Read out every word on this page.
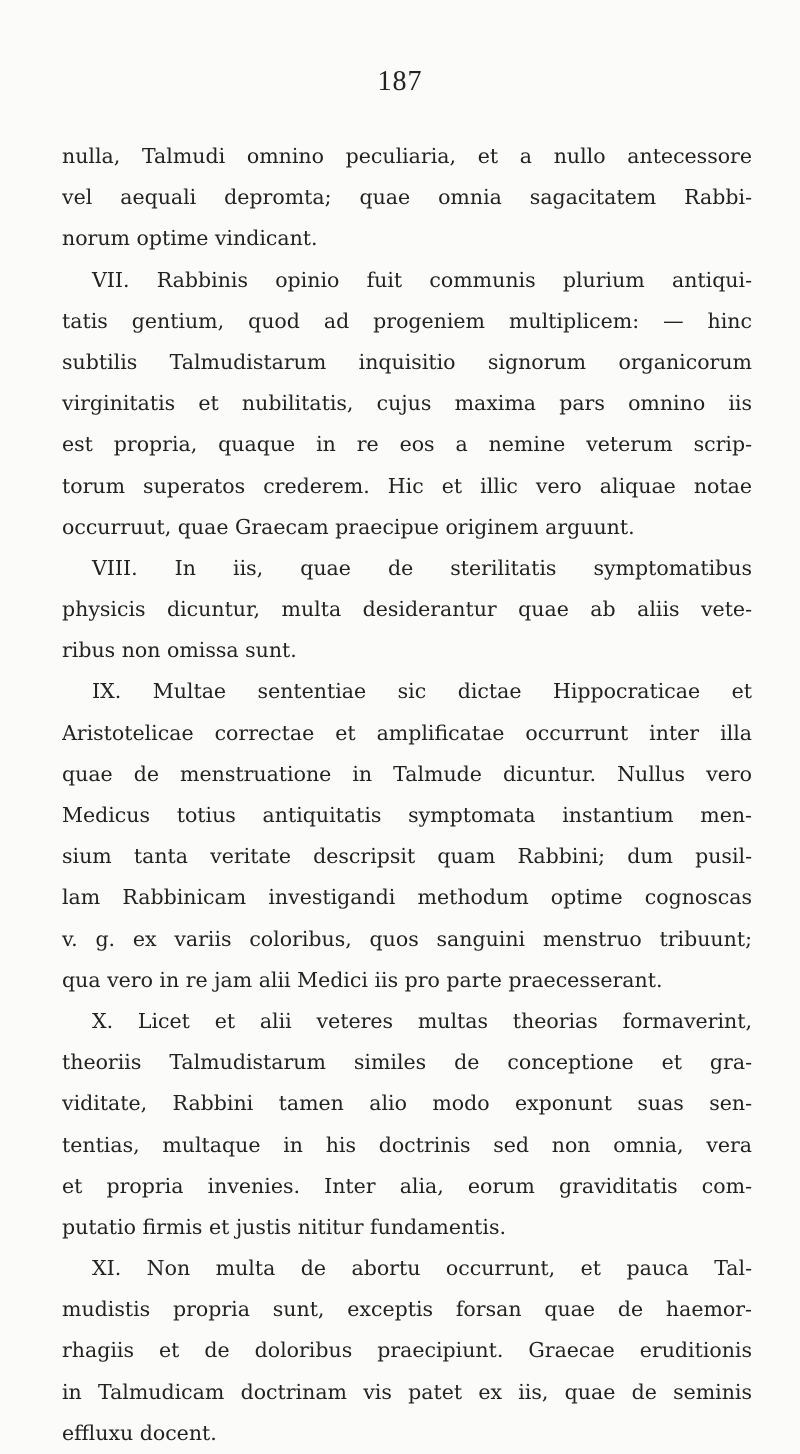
187
nulla, Talmudi omnino peculiaria, et a nullo antecessore
vel aequali depromta; quae omnia sagacitatem Rabbi-
norum optime vindicant.
VII. Rabbinis opinio fuit communis plurium antiqui-
tatis gentium, quod ad progeniem multiplicem: — hinc
subtilis Talmudistarum inquisitio signorum organicorum
virginitatis et nubilitatis, cujus maxima pars omnino iis
est propria, quaque in re eos a nemine veterum scrip-
torum superatos crederem. Hic et illic vero aliquae notae
occurruut, quae Graecam praecipue originem arguunt.
VIII. In iis, quae de sterilitatis symptomatibus
physicis dicuntur, multa desiderantur quae ab aliis vete-
ribus non omissa sunt.
IX. Multae sententiae sic dictae Hippocraticae et
Aristotelicae correctae et amplificatae occurrunt inter illa
quae de menstruatione in Talmude dicuntur. Nullus vero
Medicus totius antiquitatis symptomata instantium men-
sium tanta veritate descripsit quam Rabbini; dum pusil-
lam Rabbinicam investigandi methodum optime cognoscas
v. g. ex variis coloribus, quos sanguini menstruo tribuunt;
qua vero in re jam alii Medici iis pro parte praecesserant.
X. Licet et alii veteres multas theorias formaverint,
theoriis Talmudistarum similes de conceptione et gra-
viditate, Rabbini tamen alio modo exponunt suas sen-
tentias, multaque in his doctrinis sed non omnia, vera
et propria invenies. Inter alia, eorum graviditatis com-
putatio firmis et justis nititur fundamentis.
XI. Non multa de abortu occurrunt, et pauca Tal-
mudistis propria sunt, exceptis forsan quae de haemor-
rhagiis et de doloribus praecipiunt. Graecae eruditionis
in Talmudicam doctrinam vis patet ex iis, quae de seminis
effluxu docent.
